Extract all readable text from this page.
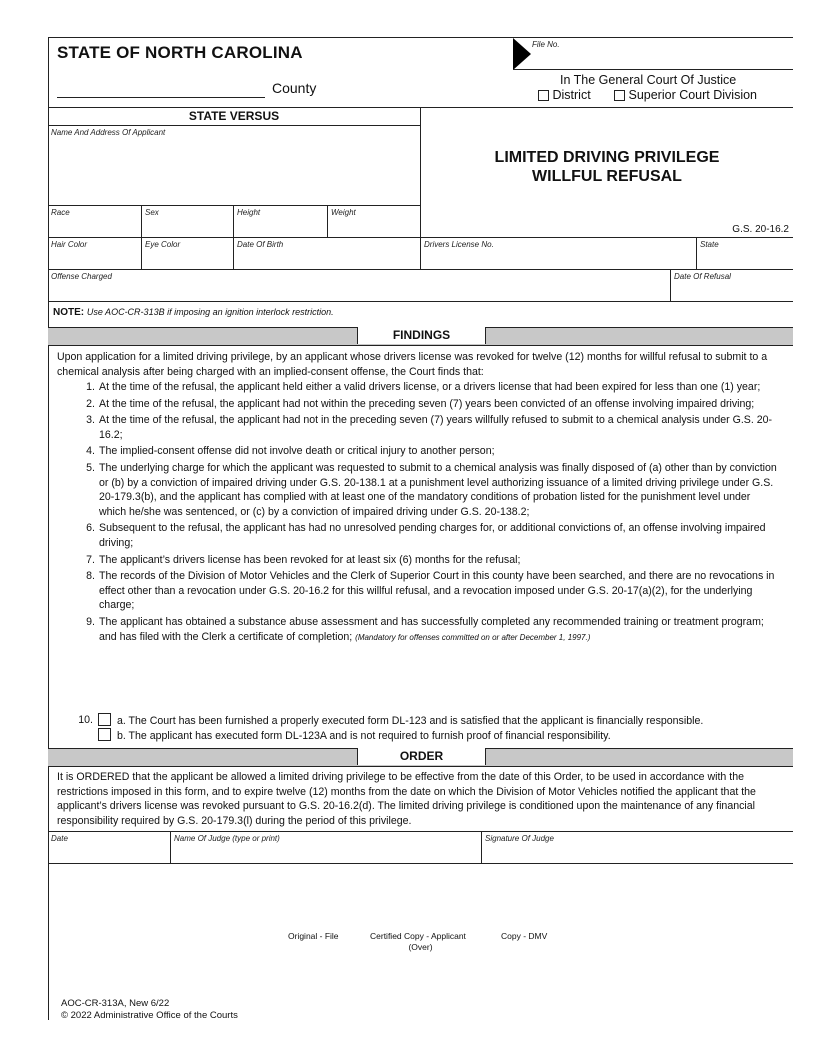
STATE OF NORTH CAROLINA
County
File No.
In The General Court Of Justice
District	Superior Court Division
STATE VERSUS
Name And Address Of Applicant
LIMITED DRIVING PRIVILEGE
WILLFUL REFUSAL
G.S. 20-16.2
Race	Sex	Height	Weight
Hair Color	Eye Color	Date Of Birth	Drivers License No.	State
Offense Charged	Date Of Refusal
NOTE: Use AOC-CR-313B if imposing an ignition interlock restriction.
FINDINGS
Upon application for a limited driving privilege, by an applicant whose drivers license was revoked for twelve (12) months for willful refusal to submit to a chemical analysis after being charged with an implied-consent offense, the Court finds that:
1. At the time of the refusal, the applicant held either a valid drivers license, or a drivers license that had been expired for less than one (1) year;
2. At the time of the refusal, the applicant had not within the preceding seven (7) years been convicted of an offense involving impaired driving;
3. At the time of the refusal, the applicant had not in the preceding seven (7) years willfully refused to submit to a chemical analysis under G.S. 20-16.2;
4. The implied-consent offense did not involve death or critical injury to another person;
5. The underlying charge for which the applicant was requested to submit to a chemical analysis was finally disposed of (a) other than by conviction or (b) by a conviction of impaired driving under G.S. 20-138.1 at a punishment level authorizing issuance of a limited driving privilege under G.S. 20-179.3(b), and the applicant has complied with at least one of the mandatory conditions of probation listed for the punishment level under which he/she was sentenced, or (c) by a conviction of impaired driving under G.S. 20-138.2;
6. Subsequent to the refusal, the applicant has had no unresolved pending charges for, or additional convictions of, an offense involving impaired driving;
7. The applicant’s drivers license has been revoked for at least six (6) months for the refusal;
8. The records of the Division of Motor Vehicles and the Clerk of Superior Court in this county have been searched, and there are no revocations in effect other than a revocation under G.S. 20-16.2 for this willful refusal, and a revocation imposed under G.S. 20-17(a)(2), for the underlying charge;
9. The applicant has obtained a substance abuse assessment and has successfully completed any recommended training or treatment program; and has filed with the Clerk a certificate of completion; (Mandatory for offenses committed on or after December 1, 1997.)
10.	a. The Court has been furnished a properly executed form DL-123 and is satisfied that the applicant is financially responsible.
b. The applicant has executed form DL-123A and is not required to furnish proof of financial responsibility.
ORDER
It is ORDERED that the applicant be allowed a limited driving privilege to be effective from the date of this Order, to be used in accordance with the restrictions imposed in this form, and to expire twelve (12) months from the date on which the Division of Motor Vehicles notified the applicant that the applicant’s drivers license was revoked pursuant to G.S. 20-16.2(d). The limited driving privilege is conditioned upon the maintenance of any financial responsibility required by G.S. 20-179.3(l) during the period of this privilege.
Date	Name Of Judge (type or print)	Signature Of Judge
Original - File	Certified Copy - Applicant	Copy - DMV
(Over)
AOC-CR-313A, New 6/22
© 2022 Administrative Office of the Courts
